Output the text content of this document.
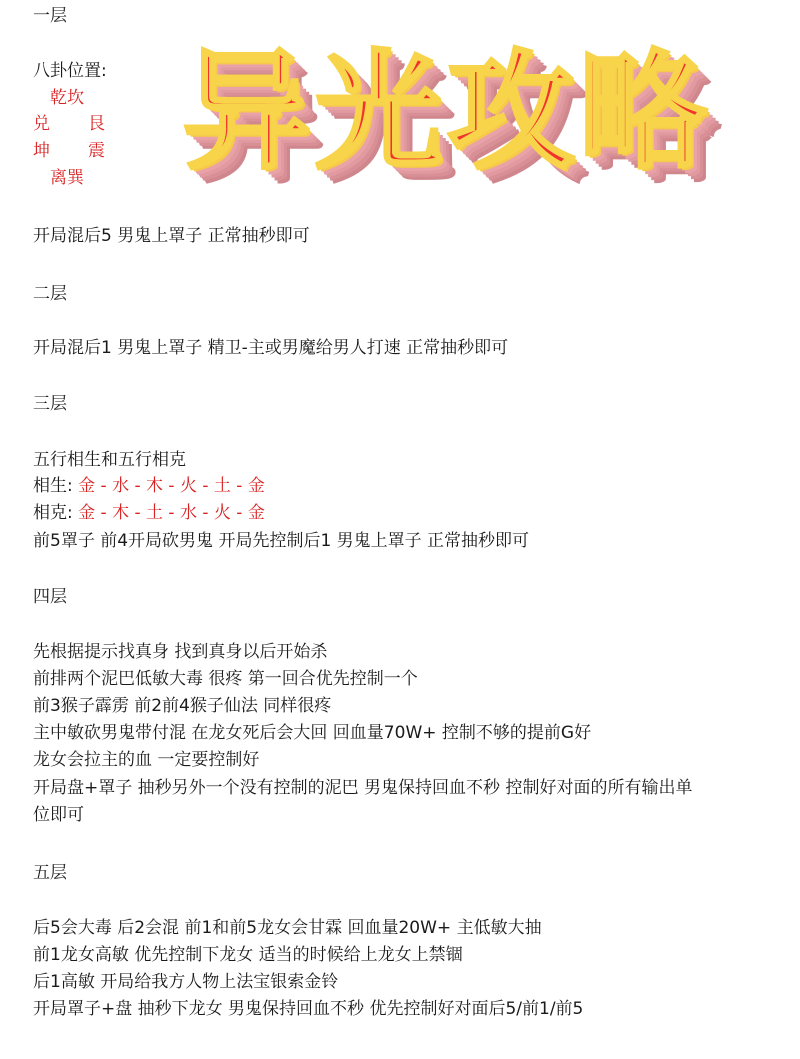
异光攻略
一层
八卦位置:
乾坎
兑 艮
坤 震
离巽
开局混后5 男鬼上罩子 正常抽秒即可
二层
开局混后1 男鬼上罩子 精卫-主或男魔给男人打速 正常抽秒即可
三层
五行相生和五行相克
相生: 金 - 水 - 木 - 火 - 土 - 金
相克: 金 - 木 - 土 - 水 - 火 - 金
前5罩子 前4开局砍男鬼 开局先控制后1 男鬼上罩子 正常抽秒即可
四层
先根据提示找真身 找到真身以后开始杀
前排两个泥巴低敏大毒 很疼 第一回合优先控制一个
前3猴子霹雳 前2前4猴子仙法 同样很疼
主中敏砍男鬼带付混 在龙女死后会大回 回血量70W+ 控制不够的提前G好
龙女会拉主的血 一定要控制好
开局盘+罩子 抽秒另外一个没有控制的泥巴 男鬼保持回血不秒 控制好对面的所有输出单
位即可
五层
后5会大毒 后2会混 前1和前5龙女会甘霖 回血量20W+ 主低敏大抽
前1龙女高敏 优先控制下龙女 适当的时候给上龙女上禁锢
后1高敏 开局给我方人物上法宝银索金铃
开局罩子+盘 抽秒下龙女 男鬼保持回血不秒 优先控制好对面后5/前1/前5
